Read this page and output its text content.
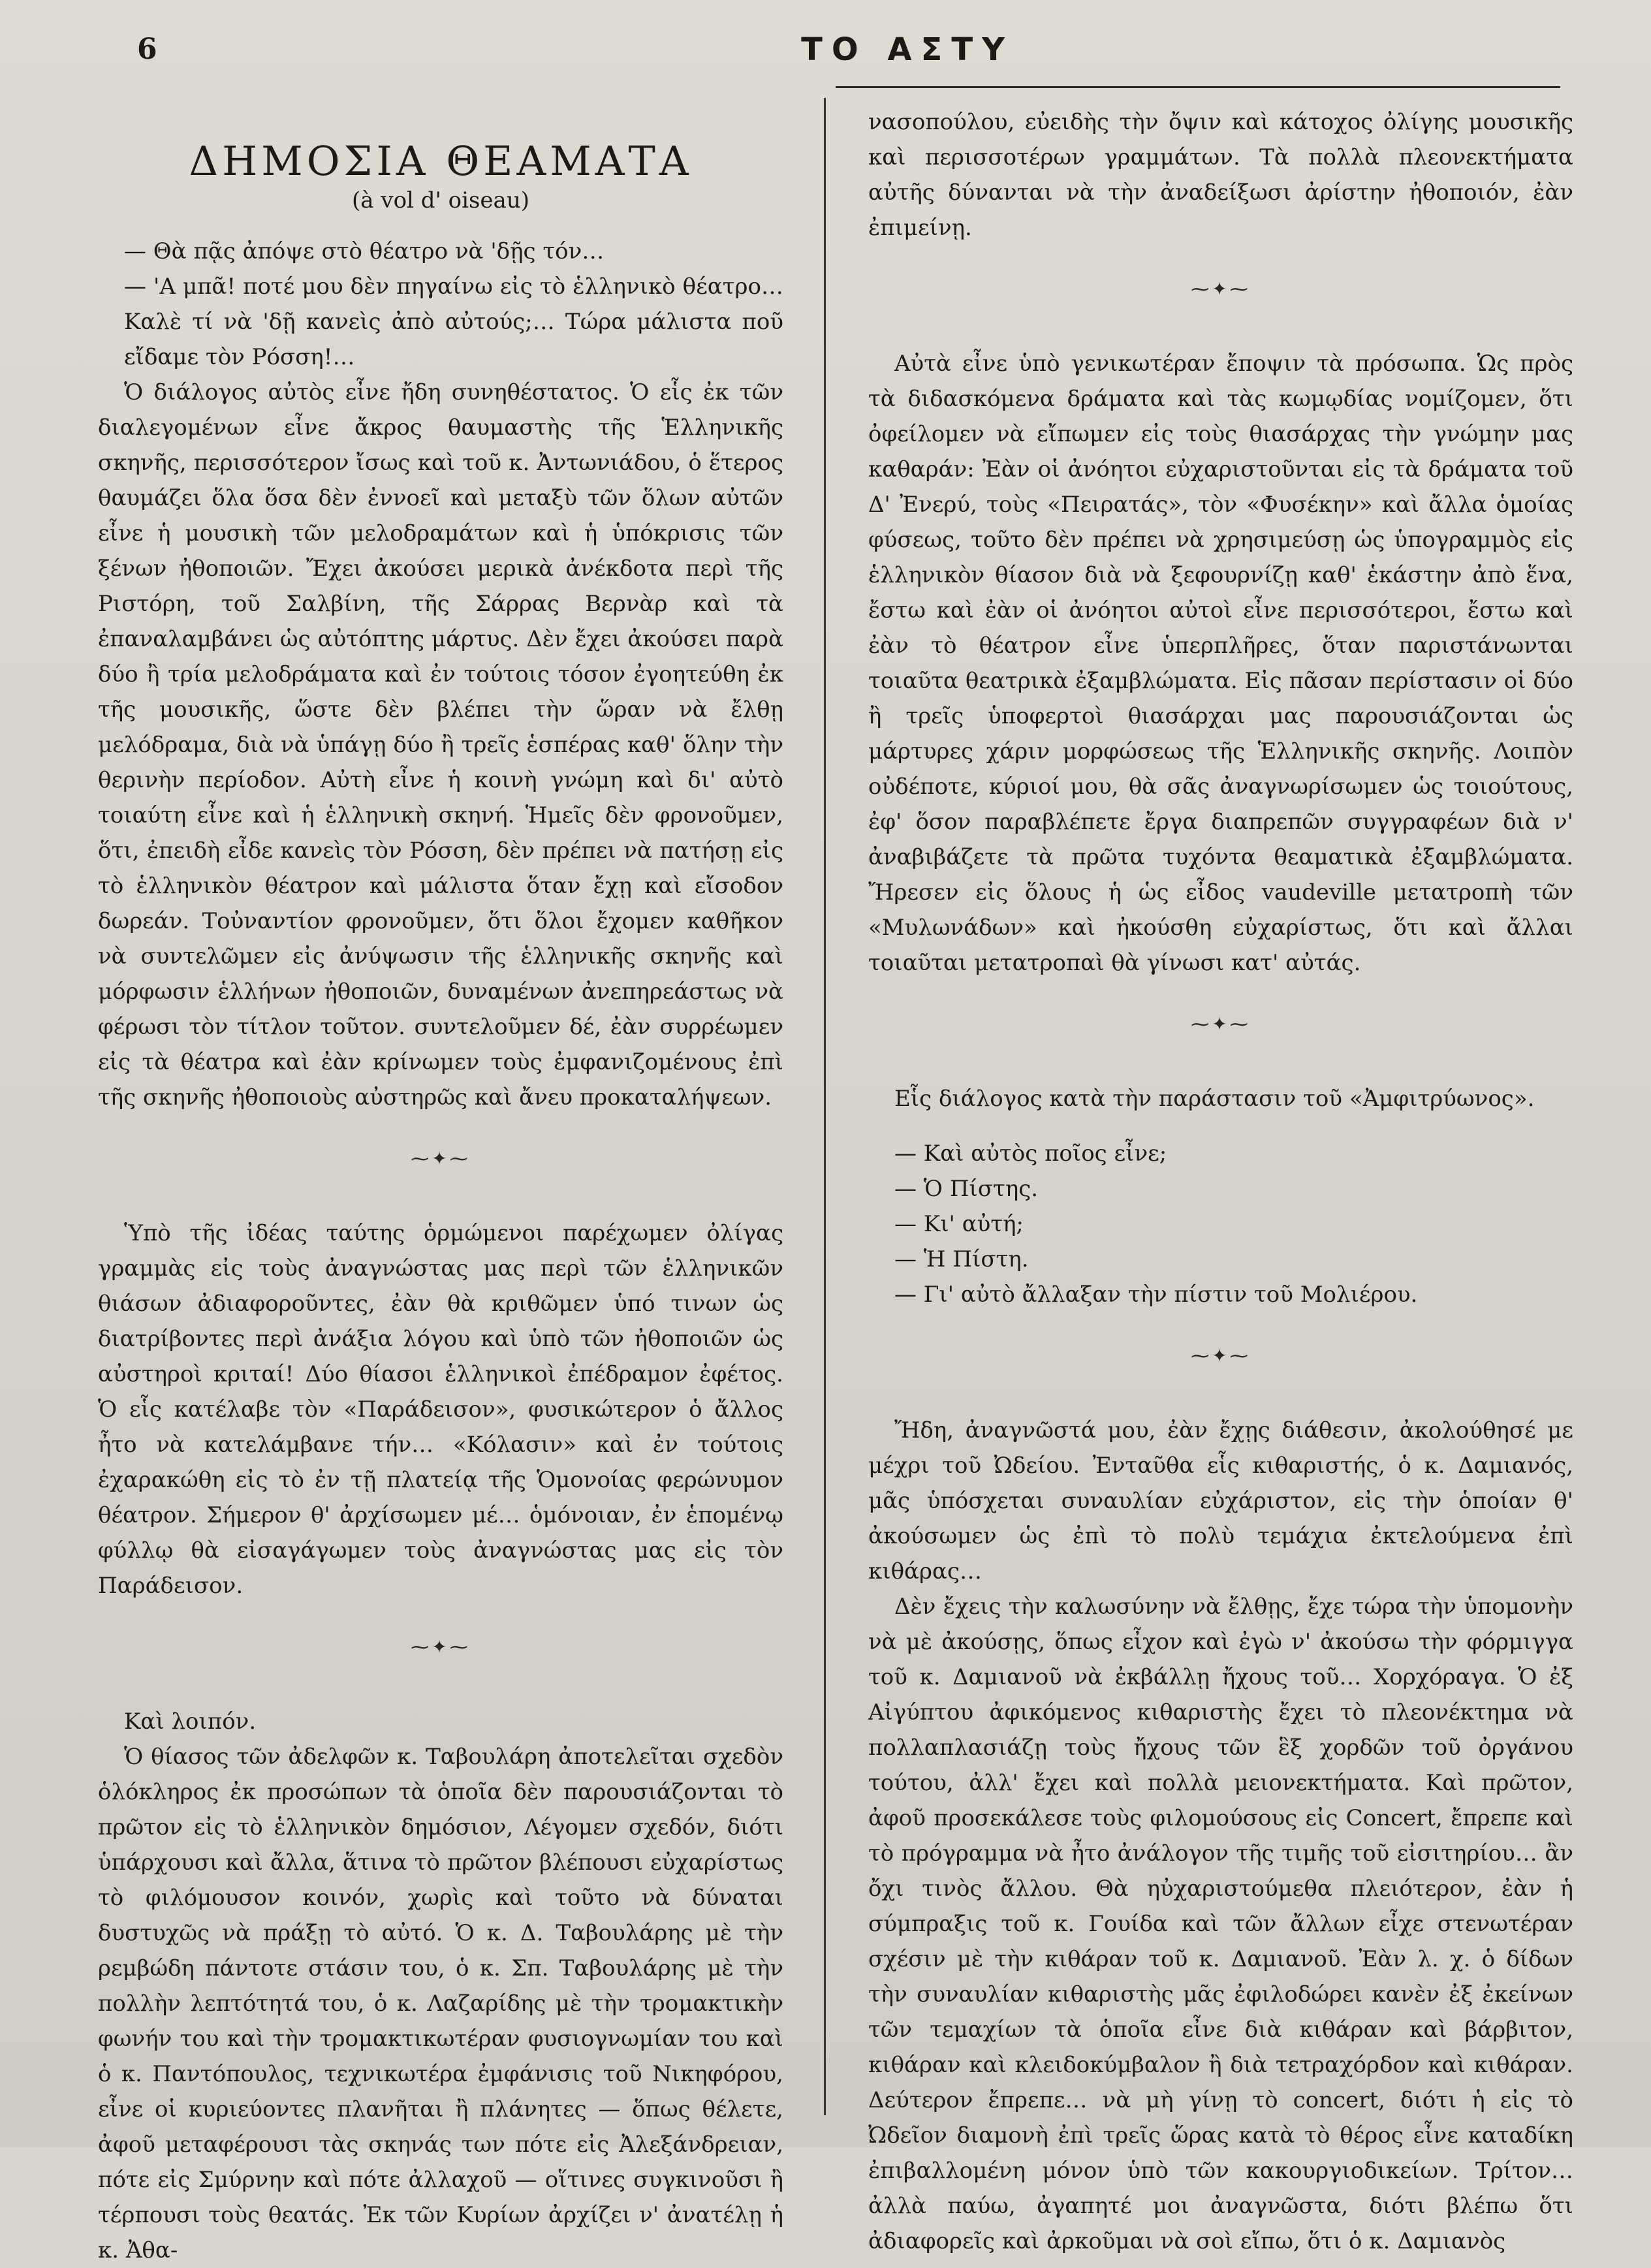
6	ΤΟ ΑΣΤΥ
ΔΗΜΟΣΙΑ ΘΕΑΜΑΤΑ
(à vol d' oiseau)

— Θὰ πᾷς ἀπόψε στὸ θέατρο νὰ 'δῇς τόν…

— 'Α μπᾶ! ποτέ μου δὲν πηγαίνω εἰς τὸ ἑλληνικὸ θέατρο… Καλὲ τί νὰ 'δῇ κανεὶς ἀπὸ αὐτούς;… Τώρα μάλιστα ποῦ εἴδαμε τὸν Ρόσση!…

Ὁ διάλογος αὐτὸς εἶνε ἤδη συνηθέστατος. Ὁ εἷς ἐκ τῶν διαλεγομένων εἶνε ἄκρος θαυμαστὴς τῆς Ἑλληνικῆς σκηνῆς, περισσότερον ἴσως καὶ τοῦ κ. Ἀντωνιάδου, ὁ ἕτερος θαυμάζει ὅλα ὅσα δὲν ἐννοεῖ καὶ μεταξὺ τῶν ὅλων αὐτῶν εἶνε ἡ μουσικὴ τῶν μελοδραμάτων καὶ ἡ ὑπόκρισις τῶν ξένων ἠθοποιῶν. Ἔχει ἀκούσει μερικὰ ἀνέκδοτα περὶ τῆς Ριστόρη, τοῦ Σαλβίνη, τῆς Σάρρας Βερνὰρ καὶ τὰ ἐπαναλαμβάνει ὡς αὐτόπτης μάρτυς. Δὲν ἔχει ἀκούσει παρὰ δύο ἢ τρία μελοδράματα καὶ ἐν τούτοις τόσον ἐγοητεύθη ἐκ τῆς μουσικῆς, ὥστε δὲν βλέπει τὴν ὥραν νὰ ἔλθῃ μελόδραμα, διὰ νὰ ὑπάγῃ δύο ἢ τρεῖς ἑσπέρας καθ' ὅλην τὴν θερινὴν περίοδον. Αὐτὴ εἶνε ἡ κοινὴ γνώμη καὶ δι' αὐτὸ τοιαύτη εἶνε καὶ ἡ ἑλληνικὴ σκηνή. Ἡμεῖς δὲν φρονοῦμεν, ὅτι, ἐπειδὴ εἶδε κανεὶς τὸν Ρόσση, δὲν πρέπει νὰ πατήσῃ εἰς τὸ ἑλληνικὸν θέατρον καὶ μάλιστα ὅταν ἔχῃ καὶ εἴσοδον δωρεάν. Τοὐναντίον φρονοῦμεν, ὅτι ὅλοι ἔχομεν καθῆκον νὰ συντελῶμεν εἰς ἀνύψωσιν τῆς ἑλληνικῆς σκηνῆς καὶ μόρφωσιν ἑλλήνων ἠθοποιῶν, δυναμένων ἀνεπηρεάστως νὰ φέρωσι τὸν τίτλον τοῦτον. συντελοῦμεν δέ, ἐὰν συρρέωμεν εἰς τὰ θέατρα καὶ ἐὰν κρίνωμεν τοὺς ἐμφανιζομένους ἐπὶ τῆς σκηνῆς ἠθοποιοὺς αὐστηρῶς καὶ ἄνευ προκαταλήψεων.

⁓✦⁓

Ὑπὸ τῆς ἰδέας ταύτης ὁρμώμενοι παρέχωμεν ὀλίγας γραμμὰς εἰς τοὺς ἀναγνώστας μας περὶ τῶν ἑλληνικῶν θιάσων ἀδιαφοροῦντες, ἐὰν θὰ κριθῶμεν ὑπό τινων ὡς διατρίβοντες περὶ ἀνάξια λόγου καὶ ὑπὸ τῶν ἠθοποιῶν ὡς αὐστηροὶ κριταί! Δύο θίασοι ἑλληνικοὶ ἐπέδραμον ἐφέτος. Ὁ εἷς κατέλαβε τὸν «Παράδεισον», φυσικώτερον ὁ ἄλλος ἦτο νὰ κατελάμβανε τήν… «Κόλασιν» καὶ ἐν τούτοις ἐχαρακώθη εἰς τὸ ἐν τῇ πλατείᾳ τῆς Ὁμονοίας φερώνυμον θέατρον. Σήμερον θ' ἀρχίσωμεν μέ… ὁμόνοιαν, ἐν ἑπομένῳ φύλλῳ θὰ εἰσαγάγωμεν τοὺς ἀναγνώστας μας εἰς τὸν Παράδεισον.

⁓✦⁓

Καὶ λοιπόν.

Ὁ θίασος τῶν ἀδελφῶν κ. Ταβουλάρη ἀποτελεῖται σχεδὸν ὁλόκληρος ἐκ προσώπων τὰ ὁποῖα δὲν παρουσιάζονται τὸ πρῶτον εἰς τὸ ἑλληνικὸν δημόσιον, Λέγομεν σχεδόν, διότι ὑπάρχουσι καὶ ἄλλα, ἅτινα τὸ πρῶτον βλέπουσι εὐχαρίστως τὸ φιλόμουσον κοινόν, χωρὶς καὶ τοῦτο νὰ δύναται δυστυχῶς νὰ πράξῃ τὸ αὐτό. Ὁ κ. Δ. Ταβουλάρης μὲ τὴν ρεμβώδη πάντοτε στάσιν του, ὁ κ. Σπ. Ταβουλάρης μὲ τὴν πολλὴν λεπτότητά του, ὁ κ. Λαζαρίδης μὲ τὴν τρομακτικὴν φωνήν του καὶ τὴν τρομακτικωτέραν φυσιογνωμίαν του καὶ ὁ κ. Παντόπουλος, τεχνικωτέρα ἐμφάνισις τοῦ Νικηφόρου, εἶνε οἱ κυριεύοντες πλανῆται ἢ πλάνητες — ὅπως θέλετε, ἀφοῦ μεταφέρουσι τὰς σκηνάς των πότε εἰς Ἀλεξάνδρειαν, πότε εἰς Σμύρνην καὶ πότε ἀλλαχοῦ — οἵτινες συγκινοῦσι ἢ τέρπουσι τοὺς θεατάς. Ἐκ τῶν Κυρίων ἀρχίζει ν' ἀνατέλῃ ἡ κ. Ἀθα-

νασοπούλου, εὐειδὴς τὴν ὄψιν καὶ κάτοχος ὀλίγης μουσικῆς καὶ περισσοτέρων γραμμάτων. Τὰ πολλὰ πλεονεκτήματα αὐτῆς δύνανται νὰ τὴν ἀναδείξωσι ἀρίστην ἠθοποιόν, ἐὰν ἐπιμείνῃ.

⁓✦⁓

Αὐτὰ εἶνε ὑπὸ γενικωτέραν ἔποψιν τὰ πρόσωπα. Ὡς πρὸς τὰ διδασκόμενα δράματα καὶ τὰς κωμῳδίας νομίζομεν, ὅτι ὀφείλομεν νὰ εἴπωμεν εἰς τοὺς θιασάρχας τὴν γνώμην μας καθαράν: Ἐὰν οἱ ἀνόητοι εὐχαριστοῦνται εἰς τὰ δράματα τοῦ Δ' Ἐνερύ, τοὺς «Πειρατάς», τὸν «Φυσέκην» καὶ ἄλλα ὁμοίας φύσεως, τοῦτο δὲν πρέπει νὰ χρησιμεύσῃ ὡς ὑπογραμμὸς εἰς ἑλληνικὸν θίασον διὰ νὰ ξεφουρνίζῃ καθ' ἑκάστην ἀπὸ ἕνα, ἔστω καὶ ἐὰν οἱ ἀνόητοι αὐτοὶ εἶνε περισσότεροι, ἔστω καὶ ἐὰν τὸ θέατρον εἶνε ὑπερπλῆρες, ὅταν παριστάνωνται τοιαῦτα θεατρικὰ ἐξαμβλώματα. Εἰς πᾶσαν περίστασιν οἱ δύο ἢ τρεῖς ὑποφερτοὶ θιασάρχαι μας παρουσιάζονται ὡς μάρτυρες χάριν μορφώσεως τῆς Ἑλληνικῆς σκηνῆς. Λοιπὸν οὐδέποτε, κύριοί μου, θὰ σᾶς ἀναγνωρίσωμεν ὡς τοιούτους, ἐφ' ὅσον παραβλέπετε ἔργα διαπρεπῶν συγγραφέων διὰ ν' ἀναβιβάζετε τὰ πρῶτα τυχόντα θεαματικὰ ἐξαμβλώματα. Ἤρεσεν εἰς ὅλους ἡ ὡς εἶδος vaudeville μετατροπὴ τῶν «Μυλωνάδων» καὶ ἠκούσθη εὐχαρίστως, ὅτι καὶ ἄλλαι τοιαῦται μετατροπαὶ θὰ γίνωσι κατ' αὐτάς.

⁓✦⁓

Εἷς διάλογος κατὰ τὴν παράστασιν τοῦ «Ἀμφιτρύωνος».

— Καὶ αὐτὸς ποῖος εἶνε;

— Ὁ Πίστης.

— Κι' αὐτή;

— Ἡ Πίστη.

— Γι' αὐτὸ ἄλλαξαν τὴν πίστιν τοῦ Μολιέρου.

⁓✦⁓

Ἤδη, ἀναγνῶστά μου, ἐὰν ἔχῃς διάθεσιν, ἀκολούθησέ με μέχρι τοῦ Ὠδείου. Ἐνταῦθα εἷς κιθαριστής, ὁ κ. Δαμιανός, μᾶς ὑπόσχεται συναυλίαν εὐχάριστον, εἰς τὴν ὁποίαν θ' ἀκούσωμεν ὡς ἐπὶ τὸ πολὺ τεμάχια ἐκτελούμενα ἐπὶ κιθάρας…

Δὲν ἔχεις τὴν καλωσύνην νὰ ἔλθῃς, ἔχε τώρα τὴν ὑπομονὴν νὰ μὲ ἀκούσῃς, ὅπως εἶχον καὶ ἐγὼ ν' ἀκούσω τὴν φόρμιγγα τοῦ κ. Δαμιανοῦ νὰ ἐκβάλλῃ ἤχους τοῦ… Χορχόραγα. Ὁ ἐξ Αἰγύπτου ἀφικόμενος κιθαριστὴς ἔχει τὸ πλεονέκτημα νὰ πολλαπλασιάζῃ τοὺς ἤχους τῶν ἓξ χορδῶν τοῦ ὀργάνου τούτου, ἀλλ' ἔχει καὶ πολλὰ μειονεκτήματα. Καὶ πρῶτον, ἀφοῦ προσεκάλεσε τοὺς φιλομούσους εἰς Concert, ἔπρεπε καὶ τὸ πρόγραμμα νὰ ἦτο ἀνάλογον τῆς τιμῆς τοῦ εἰσιτηρίου… ἂν ὄχι τινὸς ἄλλου. Θὰ ηὐχαριστούμεθα πλειότερον, ἐὰν ἡ σύμπραξις τοῦ κ. Γουίδα καὶ τῶν ἄλλων εἶχε στενωτέραν σχέσιν μὲ τὴν κιθάραν τοῦ κ. Δαμιανοῦ. Ἐὰν λ. χ. ὁ δίδων τὴν συναυλίαν κιθαριστὴς μᾶς ἐφιλοδώρει κανὲν ἐξ ἐκείνων τῶν τεμαχίων τὰ ὁποῖα εἶνε διὰ κιθάραν καὶ βάρβιτον, κιθάραν καὶ κλειδοκύμβαλον ἢ διὰ τετραχόρδον καὶ κιθάραν. Δεύτερον ἔπρεπε… νὰ μὴ γίνῃ τὸ concert, διότι ἡ εἰς τὸ Ὠδεῖον διαμονὴ ἐπὶ τρεῖς ὥρας κατὰ τὸ θέρος εἶνε καταδίκη ἐπιβαλλομένη μόνον ὑπὸ τῶν κακουργιοδικείων. Τρίτον… ἀλλὰ παύω, ἀγαπητέ μοι ἀναγνῶστα, διότι βλέπω ὅτι ἀδιαφορεῖς καὶ ἀρκοῦμαι νὰ σοὶ εἴπω, ὅτι ὁ κ. Δαμιανὸς
